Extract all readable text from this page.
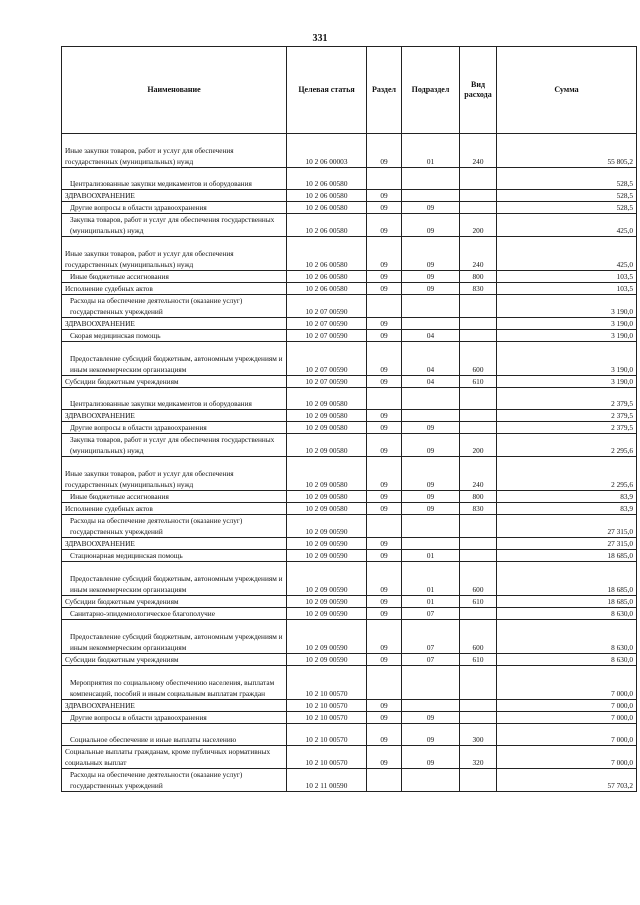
331
Наименование	Целевая статья	Раздел	Подраздел	Вид расхода	Сумма
Иные закупки товаров, работ и услуг для обеспечения государственных (муниципальных) нужд	10 2 06 00003	09	01	240	55 805,2
Централизованные закупки медикаментов и оборудования	10 2 06 00580				528,5
ЗДРАВООХРАНЕНИЕ	10 2 06 00580	09			528,5
Другие вопросы в области здравоохранения	10 2 06 00580	09	09		528,5
Закупка товаров, работ и услуг для обеспечения государственных (муниципальных) нужд	10 2 06 00580	09	09	200	425,0
Иные закупки товаров, работ и услуг для обеспечения государственных (муниципальных) нужд	10 2 06 00580	09	09	240	425,0
Иные бюджетные ассигнования	10 2 06 00580	09	09	800	103,5
Исполнение судебных актов	10 2 06 00580	09	09	830	103,5
Расходы на обеспечение деятельности (оказание услуг) государственных учреждений	10 2 07 00590				3 190,0
ЗДРАВООХРАНЕНИЕ	10 2 07 00590	09			3 190,0
Скорая медицинская помощь	10 2 07 00590	09	04		3 190,0
Предоставление субсидий бюджетным, автономным учреждениям и иным некоммерческим организациям	10 2 07 00590	09	04	600	3 190,0
Субсидии бюджетным учреждениям	10 2 07 00590	09	04	610	3 190,0
Централизованные закупки медикаментов и оборудования	10 2 09 00580				2 379,5
ЗДРАВООХРАНЕНИЕ	10 2 09 00580	09			2 379,5
Другие вопросы в области здравоохранения	10 2 09 00580	09	09		2 379,5
Закупка товаров, работ и услуг для обеспечения государственных (муниципальных) нужд	10 2 09 00580	09	09	200	2 295,6
Иные закупки товаров, работ и услуг для обеспечения государственных (муниципальных) нужд	10 2 09 00580	09	09	240	2 295,6
Иные бюджетные ассигнования	10 2 09 00580	09	09	800	83,9
Исполнение судебных актов	10 2 09 00580	09	09	830	83,9
Расходы на обеспечение деятельности (оказание услуг) государственных учреждений	10 2 09 00590				27 315,0
ЗДРАВООХРАНЕНИЕ	10 2 09 00590	09			27 315,0
Стационарная медицинская помощь	10 2 09 00590	09	01		18 685,0
Предоставление субсидий бюджетным, автономным учреждениям и иным некоммерческим организациям	10 2 09 00590	09	01	600	18 685,0
Субсидии бюджетным учреждениям	10 2 09 00590	09	01	610	18 685,0
Санитарно-эпидемиологическое благополучие	10 2 09 00590	09	07		8 630,0
Предоставление субсидий бюджетным, автономным учреждениям и иным некоммерческим организациям	10 2 09 00590	09	07	600	8 630,0
Субсидии бюджетным учреждениям	10 2 09 00590	09	07	610	8 630,0
Мероприятия по социальному обеспечению населения, выплатам компенсаций, пособий и иным социальным выплатам граждан	10 2 10 00570				7 000,0
ЗДРАВООХРАНЕНИЕ	10 2 10 00570	09			7 000,0
Другие вопросы в области здравоохранения	10 2 10 00570	09	09		7 000,0
Социальное обеспечение и иные выплаты населению	10 2 10 00570	09	09	300	7 000,0
Социальные выплаты гражданам, кроме публичных нормативных социальных выплат	10 2 10 00570	09	09	320	7 000,0
Расходы на обеспечение деятельности (оказание услуг) государственных учреждений	10 2 11 00590				57 703,2
